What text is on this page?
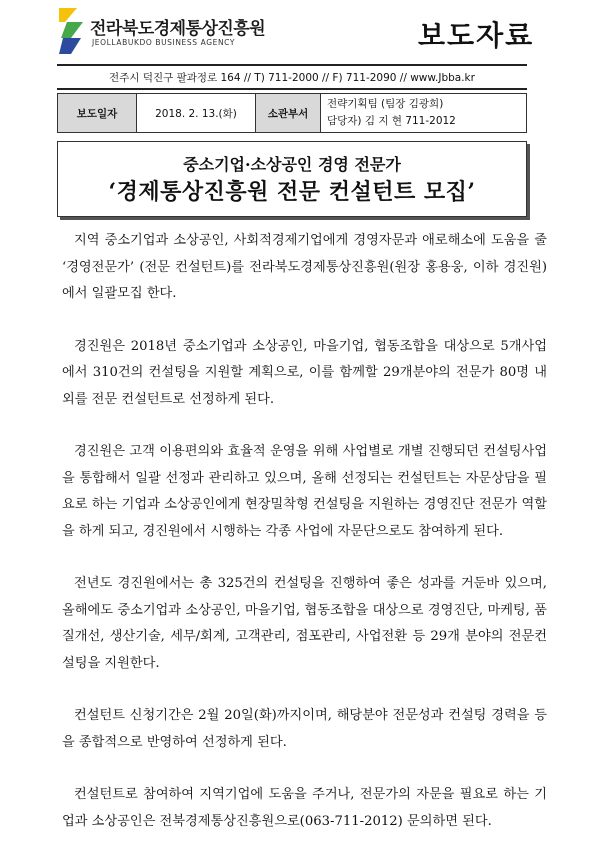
전라북도경제통상진흥원
JEOLLABUKDO BUSINESS AGENCY	보도자료
전주시 덕진구 팔과정로 164 // T) 711-2000 // F) 711-2090 // www.Jbba.kr
보도일자	2018. 2. 13.(화)	소관부서	
전략기획팀 (팀장 김광희)
담당자) 김 지 현 711-2012
중소기업·소상공인 경영 전문가
‘경제통상진흥원 전문 컨설턴트 모집’

지역 중소기업과 소상공인, 사회적경제기업에게 경영자문과 애로해소에 도움을 줄 ‘경영전문가’ (전문 컨설턴트)를 전라북도경제통상진흥원(원장 홍용웅, 이하 경진원)에서 일괄모집 한다.

경진원은 2018년 중소기업과 소상공인, 마을기업, 협동조합을 대상으로 5개사업에서 310건의 컨설팅을 지원할 계획으로, 이를 함께할 29개분야의 전문가 80명 내외를 전문 컨설턴트로 선정하게 된다.

경진원은 고객 이용편의와 효율적 운영을 위해 사업별로 개별 진행되던 컨설팅사업을 통합해서 일괄 선정과 관리하고 있으며, 올해 선정되는 컨설턴트는 자문상담을 필요로 하는 기업과 소상공인에게 현장밀착형 컨설팅을 지원하는 경영진단 전문가 역할을 하게 되고, 경진원에서 시행하는 각종 사업에 자문단으로도 참여하게 된다.

전년도 경진원에서는 총 325건의 컨설팅을 진행하여 좋은 성과를 거둔바 있으며, 올해에도 중소기업과 소상공인, 마을기업, 협동조합을 대상으로 경영진단, 마케팅, 품질개선, 생산기술, 세무/회계, 고객관리, 점포관리, 사업전환 등 29개 분야의 전문컨설팅을 지원한다.

컨설턴트 신청기간은 2월 20일(화)까지이며, 해당분야 전문성과 컨설팅 경력을 등을 종합적으로 반영하여 선정하게 된다.

컨설턴트로 참여하여 지역기업에 도움을 주거나, 전문가의 자문을 필요로 하는 기업과 소상공인은 전북경제통상진흥원으로(063-711-2012) 문의하면 된다.
